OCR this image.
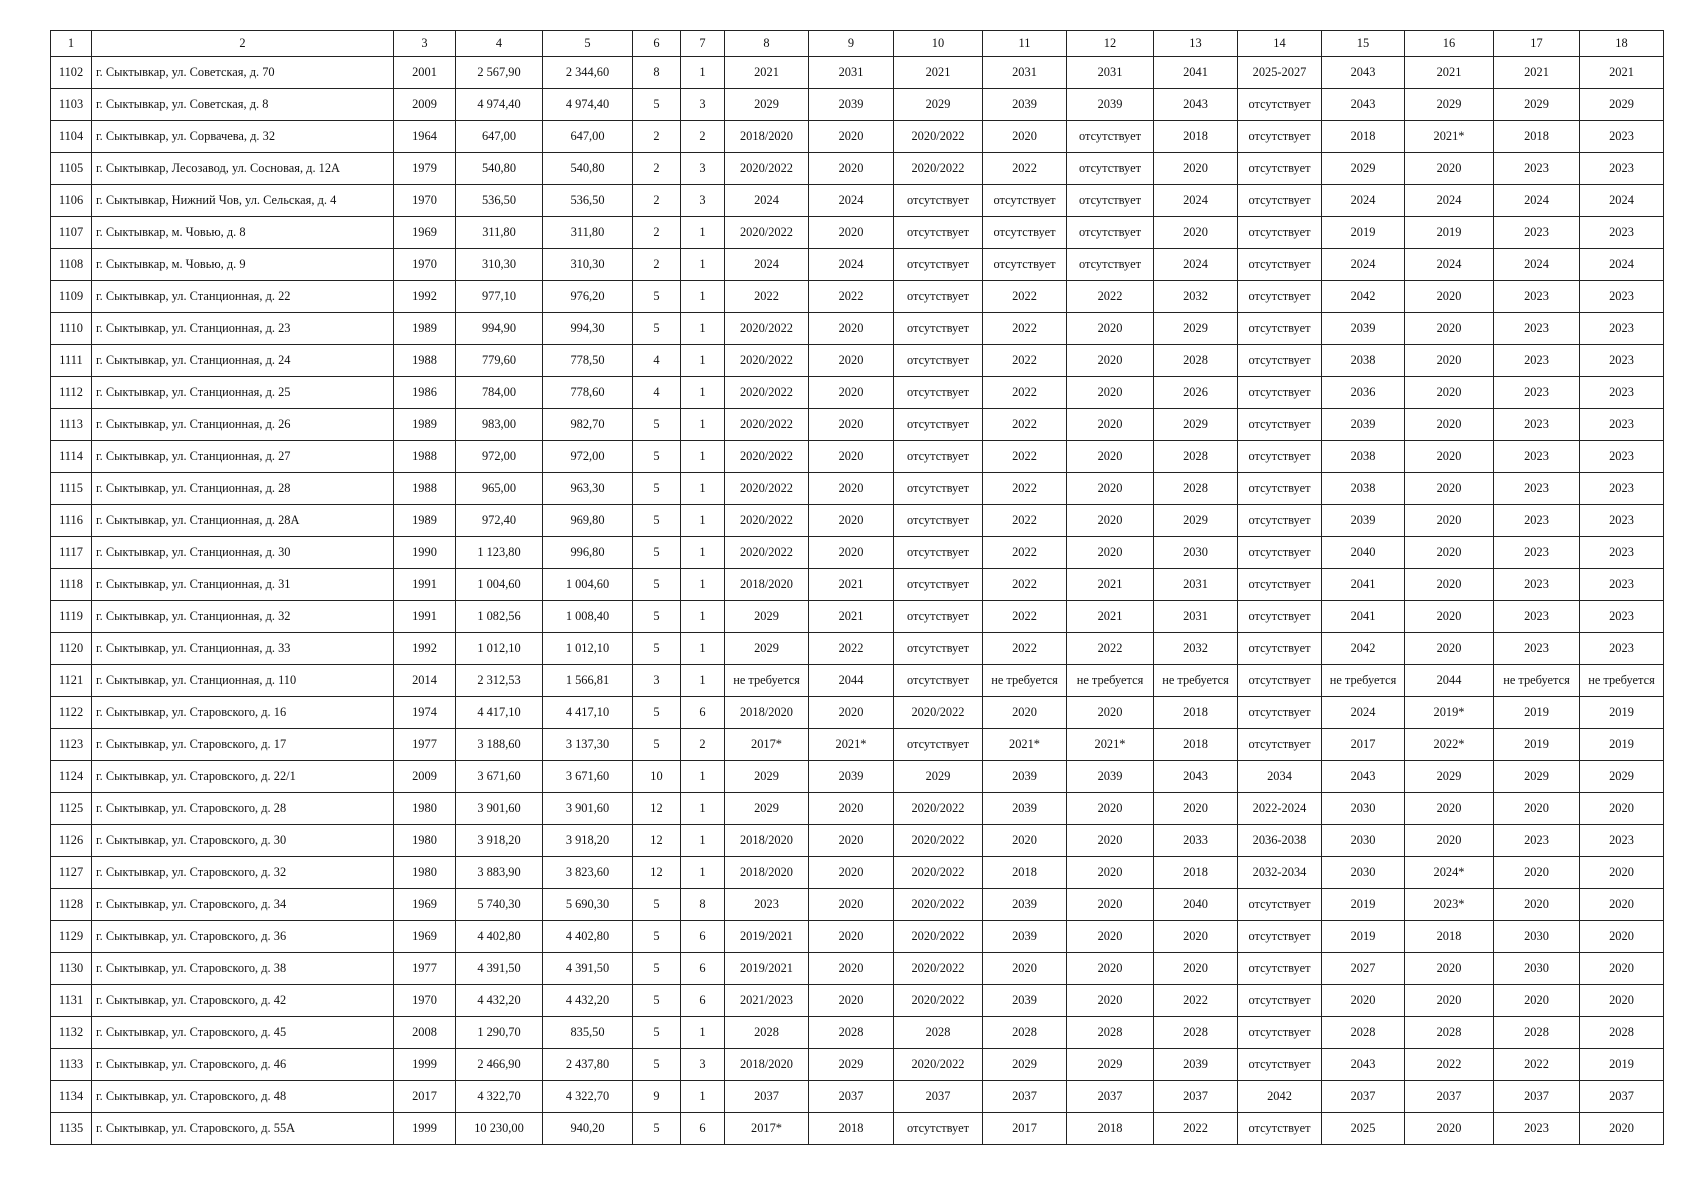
1	2	3	4	5	6	7	8	9	10	11	12	13	14	15	16	17	18
1102	г. Сыктывкар, ул. Советская, д. 70	2001	2 567,90	2 344,60	8	1	2021	2031	2021	2031	2031	2041	2025-2027	2043	2021	2021	2021
1103	г. Сыктывкар, ул. Советская, д. 8	2009	4 974,40	4 974,40	5	3	2029	2039	2029	2039	2039	2043	отсутствует	2043	2029	2029	2029
1104	г. Сыктывкар, ул. Сорвачева, д. 32	1964	647,00	647,00	2	2	2018/2020	2020	2020/2022	2020	отсутствует	2018	отсутствует	2018	2021*	2018	2023
1105	г. Сыктывкар, Лесозавод, ул. Сосновая, д. 12А	1979	540,80	540,80	2	3	2020/2022	2020	2020/2022	2022	отсутствует	2020	отсутствует	2029	2020	2023	2023
1106	г. Сыктывкар, Нижний Чов, ул. Сельская, д. 4	1970	536,50	536,50	2	3	2024	2024	отсутствует	отсутствует	отсутствует	2024	отсутствует	2024	2024	2024	2024
1107	г. Сыктывкар, м. Човью, д. 8	1969	311,80	311,80	2	1	2020/2022	2020	отсутствует	отсутствует	отсутствует	2020	отсутствует	2019	2019	2023	2023
1108	г. Сыктывкар, м. Човью, д. 9	1970	310,30	310,30	2	1	2024	2024	отсутствует	отсутствует	отсутствует	2024	отсутствует	2024	2024	2024	2024
1109	г. Сыктывкар, ул. Станционная, д. 22	1992	977,10	976,20	5	1	2022	2022	отсутствует	2022	2022	2032	отсутствует	2042	2020	2023	2023
1110	г. Сыктывкар, ул. Станционная, д. 23	1989	994,90	994,30	5	1	2020/2022	2020	отсутствует	2022	2020	2029	отсутствует	2039	2020	2023	2023
1111	г. Сыктывкар, ул. Станционная, д. 24	1988	779,60	778,50	4	1	2020/2022	2020	отсутствует	2022	2020	2028	отсутствует	2038	2020	2023	2023
1112	г. Сыктывкар, ул. Станционная, д. 25	1986	784,00	778,60	4	1	2020/2022	2020	отсутствует	2022	2020	2026	отсутствует	2036	2020	2023	2023
1113	г. Сыктывкар, ул. Станционная, д. 26	1989	983,00	982,70	5	1	2020/2022	2020	отсутствует	2022	2020	2029	отсутствует	2039	2020	2023	2023
1114	г. Сыктывкар, ул. Станционная, д. 27	1988	972,00	972,00	5	1	2020/2022	2020	отсутствует	2022	2020	2028	отсутствует	2038	2020	2023	2023
1115	г. Сыктывкар, ул. Станционная, д. 28	1988	965,00	963,30	5	1	2020/2022	2020	отсутствует	2022	2020	2028	отсутствует	2038	2020	2023	2023
1116	г. Сыктывкар, ул. Станционная, д. 28А	1989	972,40	969,80	5	1	2020/2022	2020	отсутствует	2022	2020	2029	отсутствует	2039	2020	2023	2023
1117	г. Сыктывкар, ул. Станционная, д. 30	1990	1 123,80	996,80	5	1	2020/2022	2020	отсутствует	2022	2020	2030	отсутствует	2040	2020	2023	2023
1118	г. Сыктывкар, ул. Станционная, д. 31	1991	1 004,60	1 004,60	5	1	2018/2020	2021	отсутствует	2022	2021	2031	отсутствует	2041	2020	2023	2023
1119	г. Сыктывкар, ул. Станционная, д. 32	1991	1 082,56	1 008,40	5	1	2029	2021	отсутствует	2022	2021	2031	отсутствует	2041	2020	2023	2023
1120	г. Сыктывкар, ул. Станционная, д. 33	1992	1 012,10	1 012,10	5	1	2029	2022	отсутствует	2022	2022	2032	отсутствует	2042	2020	2023	2023
1121	г. Сыктывкар, ул. Станционная, д. 110	2014	2 312,53	1 566,81	3	1	не требуется	2044	отсутствует	не требуется	не требуется	не требуется	отсутствует	не требуется	2044	не требуется	не требуется
1122	г. Сыктывкар, ул. Старовского, д. 16	1974	4 417,10	4 417,10	5	6	2018/2020	2020	2020/2022	2020	2020	2018	отсутствует	2024	2019*	2019	2019
1123	г. Сыктывкар, ул. Старовского, д. 17	1977	3 188,60	3 137,30	5	2	2017*	2021*	отсутствует	2021*	2021*	2018	отсутствует	2017	2022*	2019	2019
1124	г. Сыктывкар, ул. Старовского, д. 22/1	2009	3 671,60	3 671,60	10	1	2029	2039	2029	2039	2039	2043	2034	2043	2029	2029	2029
1125	г. Сыктывкар, ул. Старовского, д. 28	1980	3 901,60	3 901,60	12	1	2029	2020	2020/2022	2039	2020	2020	2022-2024	2030	2020	2020	2020
1126	г. Сыктывкар, ул. Старовского, д. 30	1980	3 918,20	3 918,20	12	1	2018/2020	2020	2020/2022	2020	2020	2033	2036-2038	2030	2020	2023	2023
1127	г. Сыктывкар, ул. Старовского, д. 32	1980	3 883,90	3 823,60	12	1	2018/2020	2020	2020/2022	2018	2020	2018	2032-2034	2030	2024*	2020	2020
1128	г. Сыктывкар, ул. Старовского, д. 34	1969	5 740,30	5 690,30	5	8	2023	2020	2020/2022	2039	2020	2040	отсутствует	2019	2023*	2020	2020
1129	г. Сыктывкар, ул. Старовского, д. 36	1969	4 402,80	4 402,80	5	6	2019/2021	2020	2020/2022	2039	2020	2020	отсутствует	2019	2018	2030	2020
1130	г. Сыктывкар, ул. Старовского, д. 38	1977	4 391,50	4 391,50	5	6	2019/2021	2020	2020/2022	2020	2020	2020	отсутствует	2027	2020	2030	2020
1131	г. Сыктывкар, ул. Старовского, д. 42	1970	4 432,20	4 432,20	5	6	2021/2023	2020	2020/2022	2039	2020	2022	отсутствует	2020	2020	2020	2020
1132	г. Сыктывкар, ул. Старовского, д. 45	2008	1 290,70	835,50	5	1	2028	2028	2028	2028	2028	2028	отсутствует	2028	2028	2028	2028
1133	г. Сыктывкар, ул. Старовского, д. 46	1999	2 466,90	2 437,80	5	3	2018/2020	2029	2020/2022	2029	2029	2039	отсутствует	2043	2022	2022	2019
1134	г. Сыктывкар, ул. Старовского, д. 48	2017	4 322,70	4 322,70	9	1	2037	2037	2037	2037	2037	2037	2042	2037	2037	2037	2037
1135	г. Сыктывкар, ул. Старовского, д. 55А	1999	10 230,00	940,20	5	6	2017*	2018	отсутствует	2017	2018	2022	отсутствует	2025	2020	2023	2020
